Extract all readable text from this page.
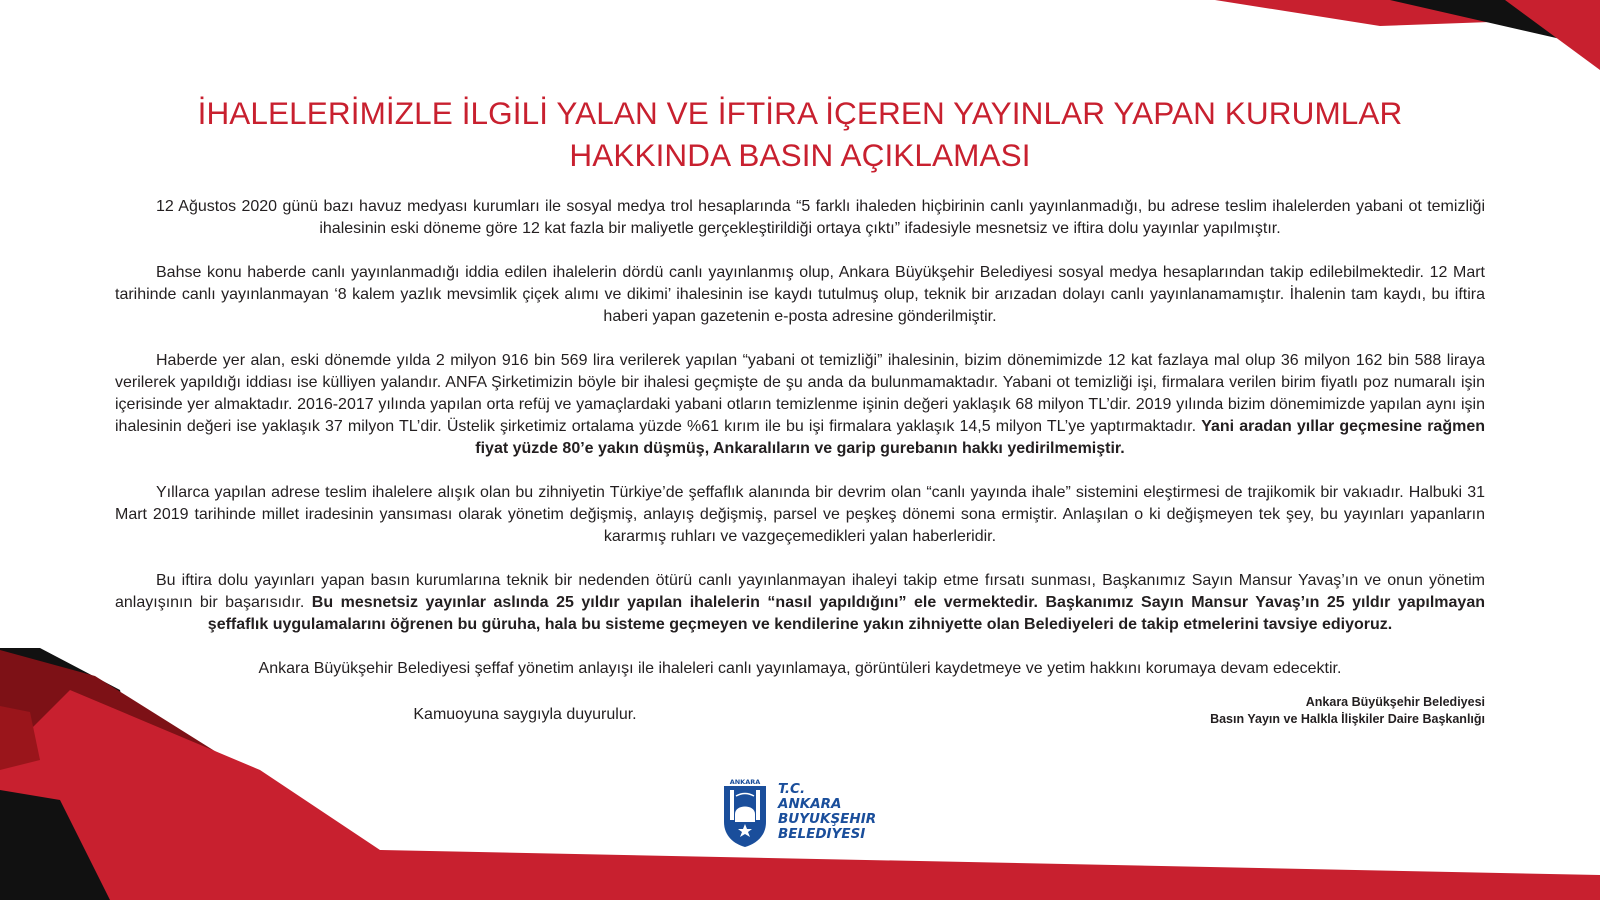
İHALELERİMİZLE İLGİLİ YALAN VE İFTİRA İÇEREN YAYINLAR YAPAN KURUMLAR
HAKKINDA BASIN AÇIKLAMASI

12 Ağustos 2020 günü bazı havuz medyası kurumları ile sosyal medya trol hesaplarında “5 farklı ihaleden hiçbirinin canlı yayınlanmadığı, bu adrese teslim ihalelerden yabani ot temizliği ihalesinin eski döneme göre 12 kat fazla bir maliyetle gerçekleştirildiği ortaya çıktı” ifadesiyle mesnetsiz ve iftira dolu yayınlar yapılmıştır.

Bahse konu haberde canlı yayınlanmadığı iddia edilen ihalelerin dördü canlı yayınlanmış olup, Ankara Büyükşehir Belediyesi sosyal medya hesaplarından takip edilebilmektedir. 12 Mart tarihinde canlı yayınlanmayan ‘8 kalem yazlık mevsimlik çiçek alımı ve dikimi’ ihalesinin ise kaydı tutulmuş olup, teknik bir arızadan dolayı canlı yayınlanamamıştır. İhalenin tam kaydı, bu iftira haberi yapan gazetenin e-posta adresine gönderilmiştir.

Haberde yer alan, eski dönemde yılda 2 milyon 916 bin 569 lira verilerek yapılan “yabani ot temizliği” ihalesinin, bizim dönemimizde 12 kat fazlaya mal olup 36 milyon 162 bin 588 liraya verilerek yapıldığı iddiası ise külliyen yalandır. ANFA Şirketimizin böyle bir ihalesi geçmişte de şu anda da bulunmamaktadır. Yabani ot temizliği işi, firmalara verilen birim fiyatlı poz numaralı işin içerisinde yer almaktadır. 2016-2017 yılında yapılan orta refüj ve yamaçlardaki yabani otların temizlenme işinin değeri yaklaşık 68 milyon TL’dir. 2019 yılında bizim dönemimizde yapılan aynı işin ihalesinin değeri ise yaklaşık 37 milyon TL’dir. Üstelik şirketimiz ortalama yüzde %61 kırım ile bu işi firmalara yaklaşık 14,5 milyon TL’ye yaptırmaktadır. Yani aradan yıllar geçmesine rağmen fiyat yüzde 80’e yakın düşmüş, Ankaralıların ve garip gurebanın hakkı yedirilmemiştir.

Yıllarca yapılan adrese teslim ihalelere alışık olan bu zihniyetin Türkiye’de şeffaflık alanında bir devrim olan “canlı yayında ihale” sistemini eleştirmesi de trajikomik bir vakıadır. Halbuki 31 Mart 2019 tarihinde millet iradesinin yansıması olarak yönetim değişmiş, anlayış değişmiş, parsel ve peşkeş dönemi sona ermiştir. Anlaşılan o ki değişmeyen tek şey, bu yayınları yapanların kararmış ruhları ve vazgeçemedikleri yalan haberleridir.

Bu iftira dolu yayınları yapan basın kurumlarına teknik bir nedenden ötürü canlı yayınlanmayan ihaleyi takip etme fırsatı sunması, Başkanımız Sayın Mansur Yavaş’ın ve onun yönetim anlayışının bir başarısıdır. Bu mesnetsiz yayınlar aslında 25 yıldır yapılan ihalelerin “nasıl yapıldığını” ele vermektedir. Başkanımız Sayın Mansur Yavaş’ın 25 yıldır yapılmayan şeffaflık uygulamalarını öğrenen bu güruha, hala bu sisteme geçmeyen ve kendilerine yakın zihniyette olan Belediyeleri de takip etmelerini tavsiye ediyoruz.

Ankara Büyükşehir Belediyesi şeffaf yönetim anlayışı ile ihaleleri canlı yayınlamaya, görüntüleri kaydetmeye ve yetim hakkını korumaya devam edecektir.

Kamuoyuna saygıyla duyurulur.
Ankara Büyükşehir Belediyesi
Basın Yayın ve Halkla İlişkiler Daire Başkanlığı
ANKARA T.C.
ANKARA
BUYUKŞEHIR
BELEDIYESI
